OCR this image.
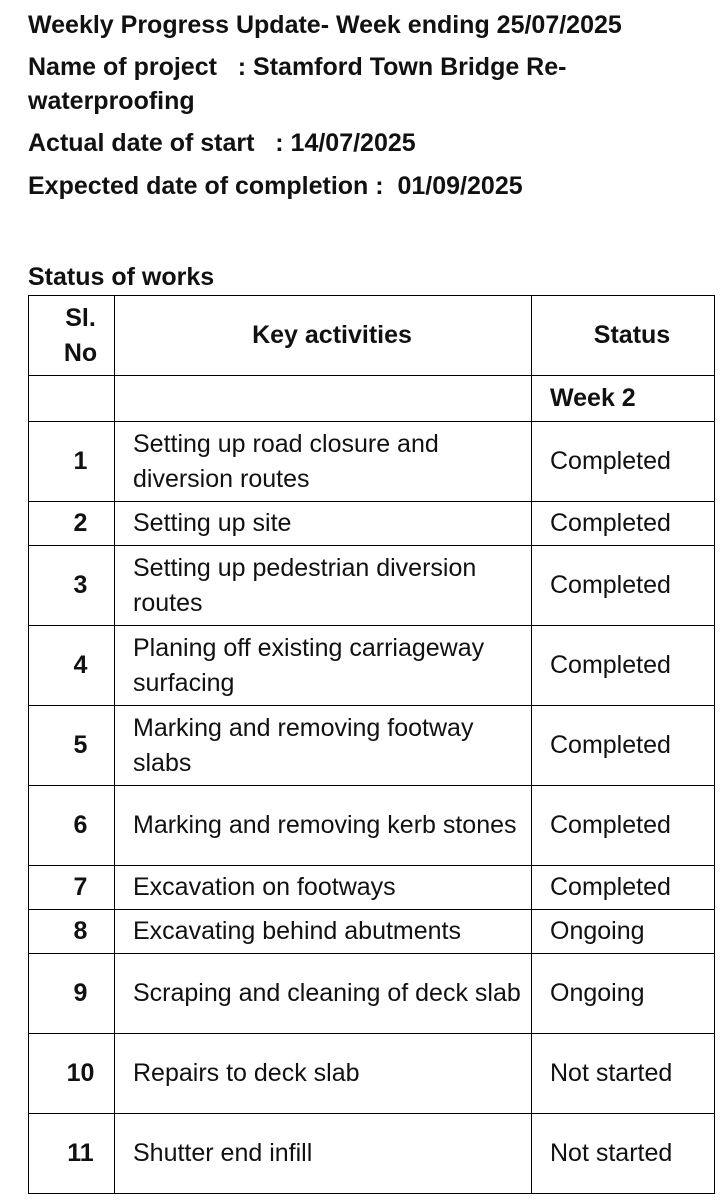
Weekly Progress Update- Week ending 25/07/2025
Name of project   : Stamford Town Bridge Re-waterproofing
Actual date of start   : 14/07/2025
Expected date of completion :  01/09/2025
Status of works
Sl. No	Key activities	Status
		Week 2
1	Setting up road closure and diversion routes	Completed
2	Setting up site	Completed
3	Setting up pedestrian diversion routes	Completed
4	Planing off existing carriageway surfacing	Completed
5	Marking and removing footway slabs	Completed
6	Marking and removing kerb stones	Completed
7	Excavation on footways	Completed
8	Excavating behind abutments	Ongoing
9	Scraping and cleaning of deck slab	Ongoing
10	Repairs to deck slab	Not started
11	Shutter end infill	Not started
